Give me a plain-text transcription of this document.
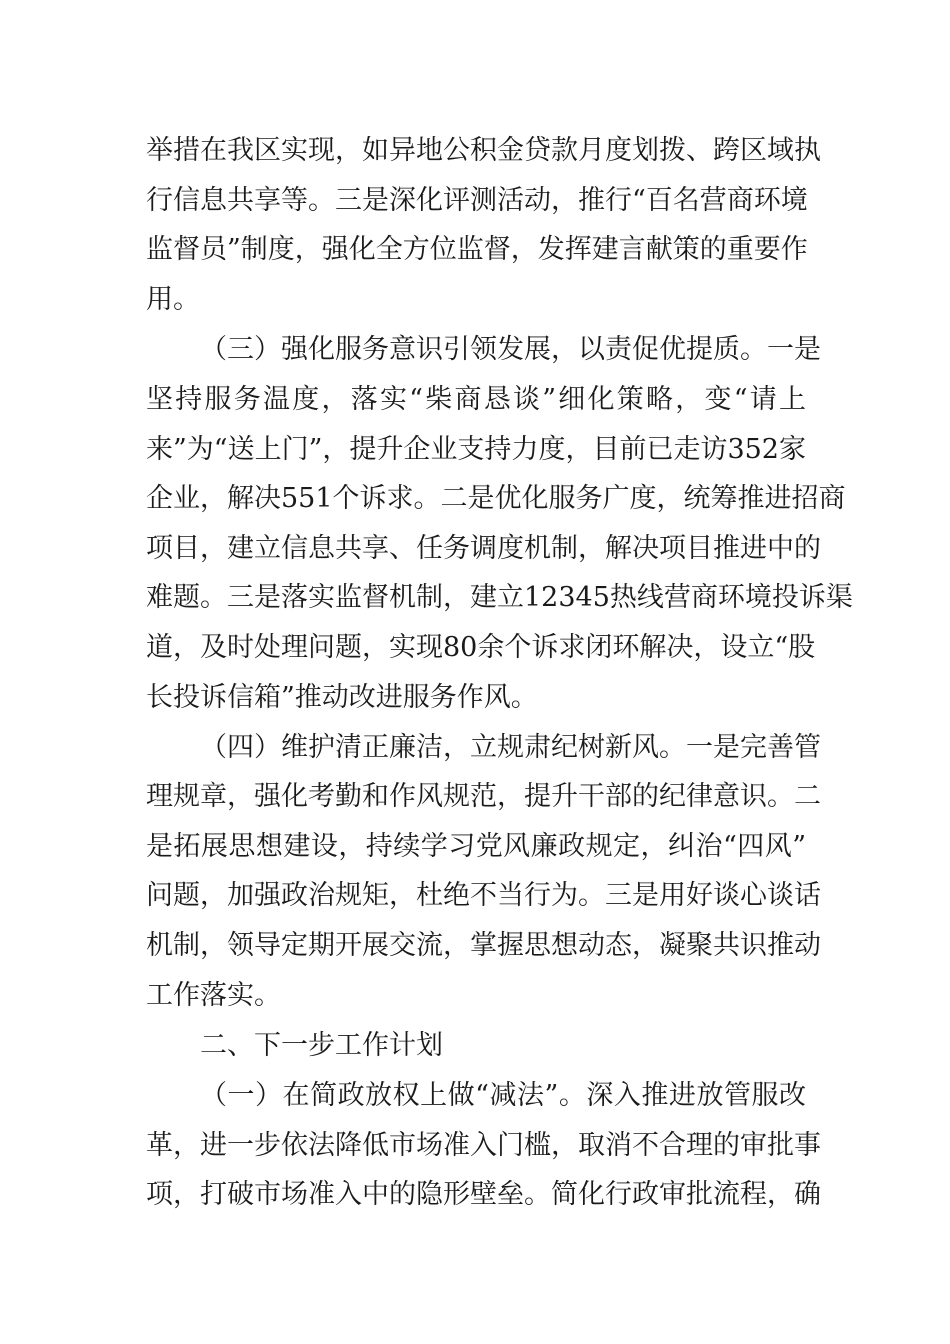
举措在我区实现，如异地公积金贷款月度划拨、跨区域执
行信息共享等。三是深化评测活动，推行“百名营商环境
监督员”制度，强化全方位监督，发挥建言献策的重要作
用。
（三）强化服务意识引领发展，以责促优提质。一是
坚持服务温度，落实“柴商恳谈”细化策略，变“请上
来”为“送上门”，提升企业支持力度，目前已走访352家
企业，解决551个诉求。二是优化服务广度，统筹推进招商
项目，建立信息共享、任务调度机制，解决项目推进中的
难题。三是落实监督机制，建立12345热线营商环境投诉渠
道，及时处理问题，实现80余个诉求闭环解决，设立“股
长投诉信箱”推动改进服务作风。
（四）维护清正廉洁，立规肃纪树新风。一是完善管
理规章，强化考勤和作风规范，提升干部的纪律意识。二
是拓展思想建设，持续学习党风廉政规定，纠治“四风”
问题，加强政治规矩，杜绝不当行为。三是用好谈心谈话
机制，领导定期开展交流，掌握思想动态，凝聚共识推动
工作落实。
二、下一步工作计划
（一）在简政放权上做“减法”。深入推进放管服改
革，进一步依法降低市场准入门槛，取消不合理的审批事
项，打破市场准入中的隐形壁垒。简化行政审批流程，确
